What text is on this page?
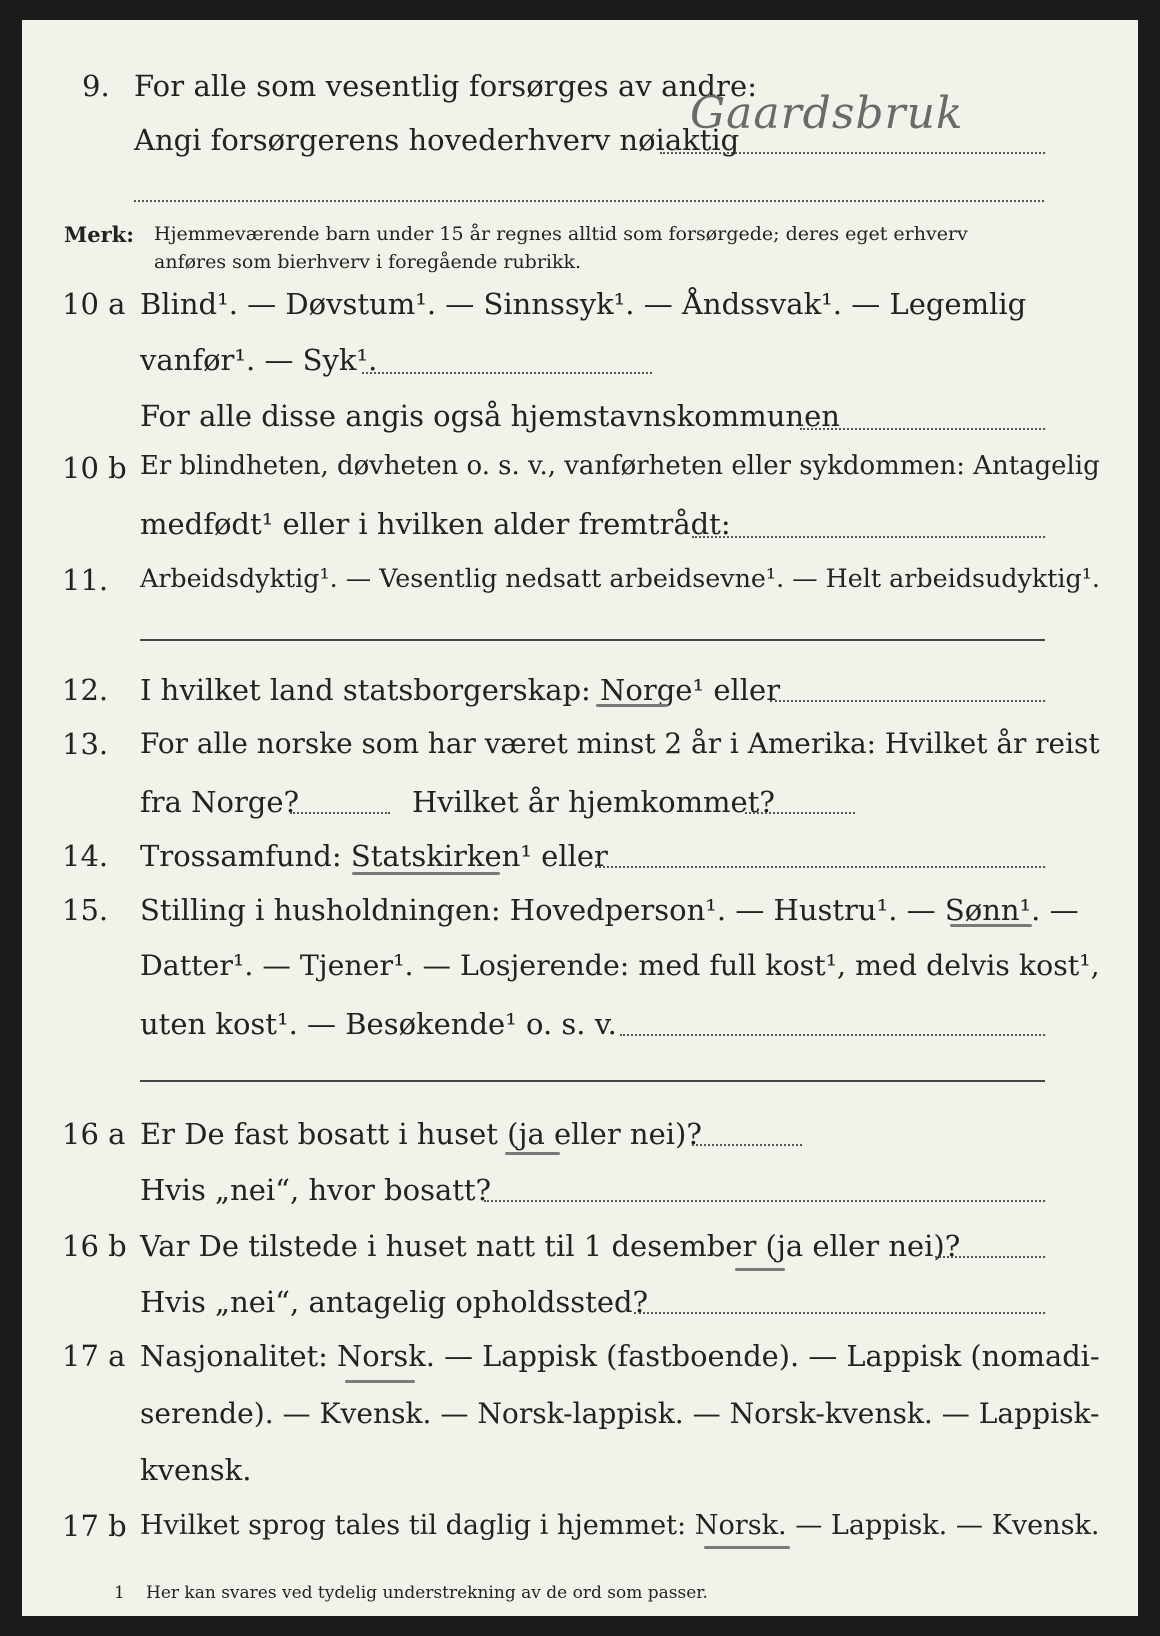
9. For alle som vesentlig forsørges av andre:
Gaardsbruk
Angi forsørgerens hovederhverv nøiaktig
Merk: Hjemmeværende barn under 15 år regnes alltid som forsørgede; deres eget erhverv
anføres som bierhverv i foregående rubrikk.
10 a Blind¹. — Døvstum¹. — Sinnssyk¹. — Åndssvak¹. — Legemlig
vanfør¹. — Syk¹.
For alle disse angis også hjemstavnskommunen
10 b Er blindheten, døvheten o. s. v., vanførheten eller sykdommen: Antagelig
medfødt¹ eller i hvilken alder fremtrådt:
11. Arbeidsdyktig¹. — Vesentlig nedsatt arbeidsevne¹. — Helt arbeidsudyktig¹.
12. I hvilket land statsborgerskap: Norge¹ eller
13. For alle norske som har været minst 2 år i Amerika: Hvilket år reist
fra Norge?	Hvilket år hjemkommet?
14. Trossamfund: Statskirken¹ eller
15. Stilling i husholdningen: Hovedperson¹. — Hustru¹. — Sønn¹. —
Datter¹. — Tjener¹. — Losjerende: med full kost¹, med delvis kost¹,
uten kost¹. — Besøkende¹ o. s. v.
16 a Er De fast bosatt i huset (ja eller nei)?
Hvis „nei“, hvor bosatt?
16 b Var De tilstede i huset natt til 1 desember (ja eller nei)?
Hvis „nei“, antagelig opholdssted?
17 a Nasjonalitet: Norsk. — Lappisk (fastboende). — Lappisk (nomadi-
serende). — Kvensk. — Norsk-lappisk. — Norsk-kvensk. — Lappisk-
kvensk.
17 b Hvilket sprog tales til daglig i hjemmet: Norsk. — Lappisk. — Kvensk.
1 Her kan svares ved tydelig understrekning av de ord som passer.
